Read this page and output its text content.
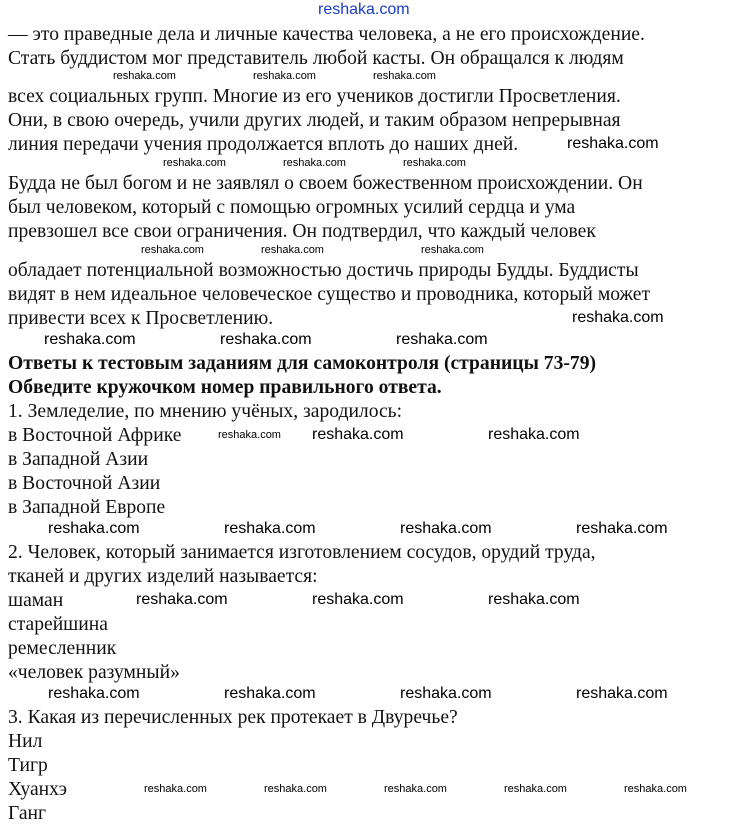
— это праведные дела и личные качества человека, а не его происхождение.
Стать буддистом мог представитель любой касты. Он обращался к людям
всех социальных групп. Многие из его учеников достигли Просветления.
Они, в свою очередь, учили других людей, и таким образом непрерывная
линия передачи учения продолжается вплоть до наших дней.
Будда не был богом и не заявлял о своем божественном происхождении. Он
был человеком, который с помощью огромных усилий сердца и ума
превзошел все свои ограничения. Он подтвердил, что каждый человек
обладает потенциальной возможностью достичь природы Будды. Буддисты
видят в нем идеальное человеческое существо и проводника, который может
привести всех к Просветлению.
Ответы к тестовым заданиям для самоконтроля (страницы 73-79)
Обведите кружочком номер правильного ответа.
1. Земледелие, по мнению учёных, зародилось:
в Восточной Африке
в Западной Азии
в Восточной Азии
в Западной Европе
2. Человек, который занимается изготовлением сосудов, орудий труда,
тканей и других изделий называется:
шаман
старейшина
ремесленник
«человек разумный»
3. Какая из перечисленных рек протекает в Двуречье?
Нил
Тигр
Хуанхэ
Ганг
reshaka.com
reshaka.com	reshaka.com	reshaka.com
reshaka.com
reshaka.com	reshaka.com	reshaka.com
reshaka.com	reshaka.com	reshaka.com
reshaka.com
reshaka.com	reshaka.com	reshaka.com
reshaka.com reshaka.com	reshaka.com
reshaka.com	reshaka.com	reshaka.com	reshaka.com
reshaka.com	reshaka.com	reshaka.com
reshaka.com	reshaka.com	reshaka.com	reshaka.com
reshaka.com	reshaka.com	reshaka.com	reshaka.com	reshaka.com
